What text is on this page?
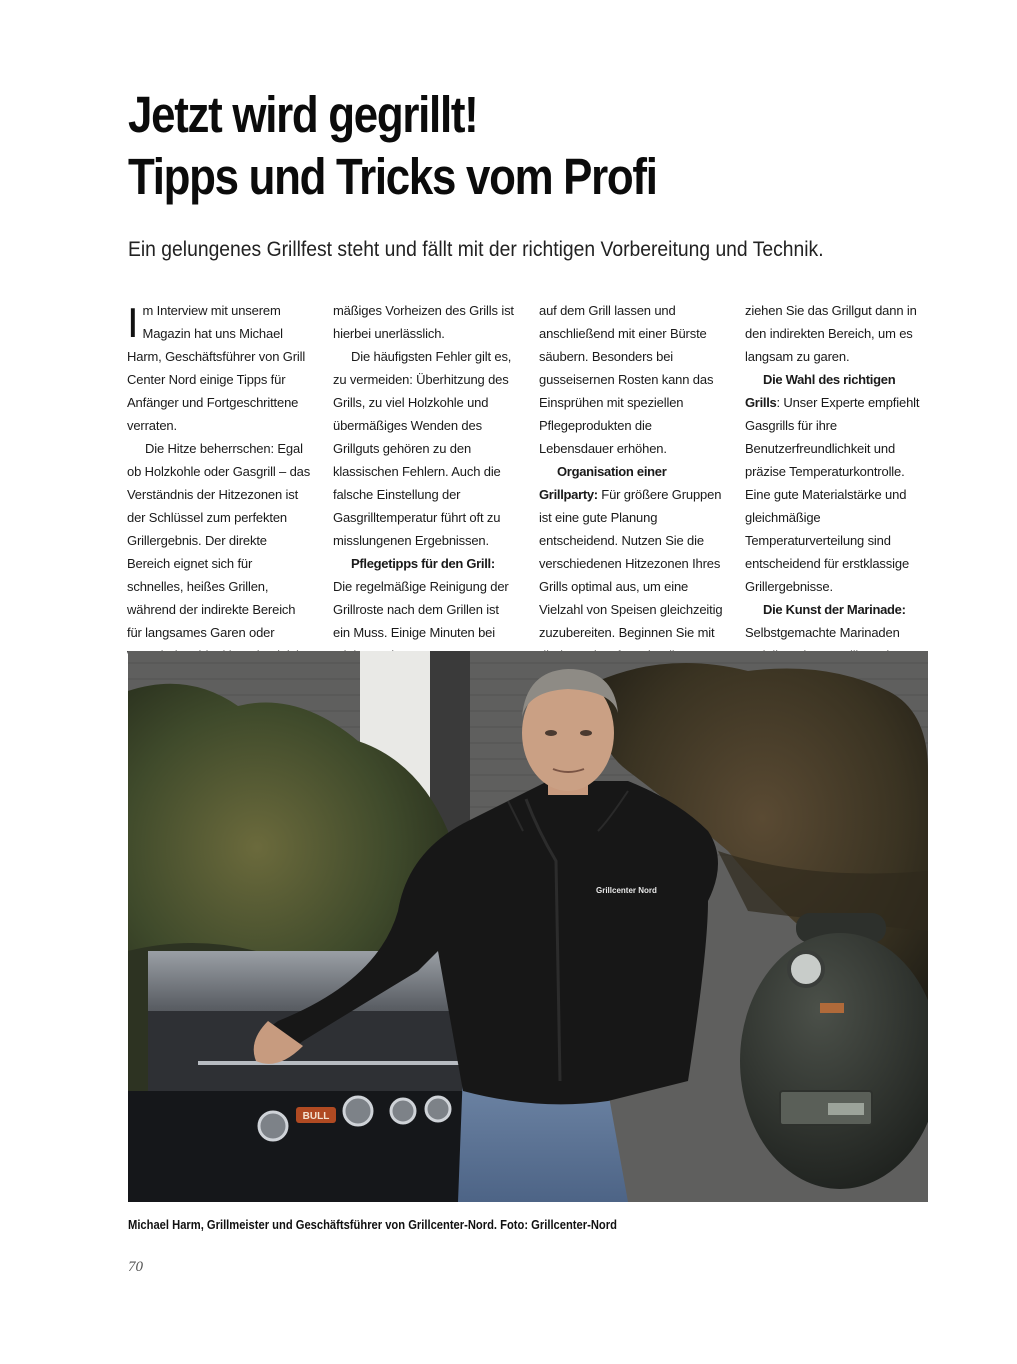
Jetzt wird gegrillt!
Tipps und Tricks vom Profi

Ein gelungenes Grillfest steht und fällt mit der richtigen Vorbereitung und Technik.

Im Interview mit unserem Magazin hat uns Michael Harm, Geschäftsführer von Grill Center Nord einige Tipps für Anfänger und Fortgeschrittene verraten.

Die Hitze beherrschen: Egal ob Holzkohle oder Gasgrill – das Verständnis der Hitzezonen ist der Schlüssel zum perfekten Grillergebnis. Der direkte Bereich eignet sich für schnelles, heißes Grillen, während der indirekte Bereich für langsames Garen oder

mäßiges Vorheizen des Grills ist hierbei unerlässlich.

Die häufigsten Fehler gilt es, zu vermeiden: Überhitzung des Grills, zu viel Holzkohle und übermäßiges Wenden des Grillguts gehören zu den klassischen Fehlern. Auch die falsche Einstellung der Gasgrilltemperatur führt oft zu misslungenen Ergebnissen.

Pflegetipps für den Grill: Die regelmäßige Reinigung der Grillroste nach dem Grillen ist ein Muss. Einige Minuten bei

auf dem Grill lassen und anschließend mit einer Bürste säubern. Besonders bei gusseisernen Rosten kann das Einsprühen mit speziellen Pflegeprodukten die Lebensdauer erhöhen.

Organisation einer Grillparty: Für größere Gruppen ist eine gute Planung entscheidend. Nutzen Sie die verschiedenen Hitzezonen Ihres Grills optimal aus, um eine Vielzahl von Speisen gleichzeitig zuzubereiten. Beginnen Sie mit

ziehen Sie das Grillgut dann in den indirekten Bereich, um es langsam zu garen.

Die Wahl des richtigen Grills: Unser Experte empfiehlt Gasgrills für ihre Benutzerfreundlichkeit und präzise Temperaturkontrolle. Eine gute Materialstärke und gleichmäßige Temperaturverteilung sind entscheidend für erstklassige Grillergebnisse.

Die Kunst der Marinade: Selbstgemachte Marinaden

BULL
Grillcenter Nord

Michael Harm, Grillmeister und Geschäftsführer von Grillcenter-Nord. Foto: Grillcenter-Nord

70
